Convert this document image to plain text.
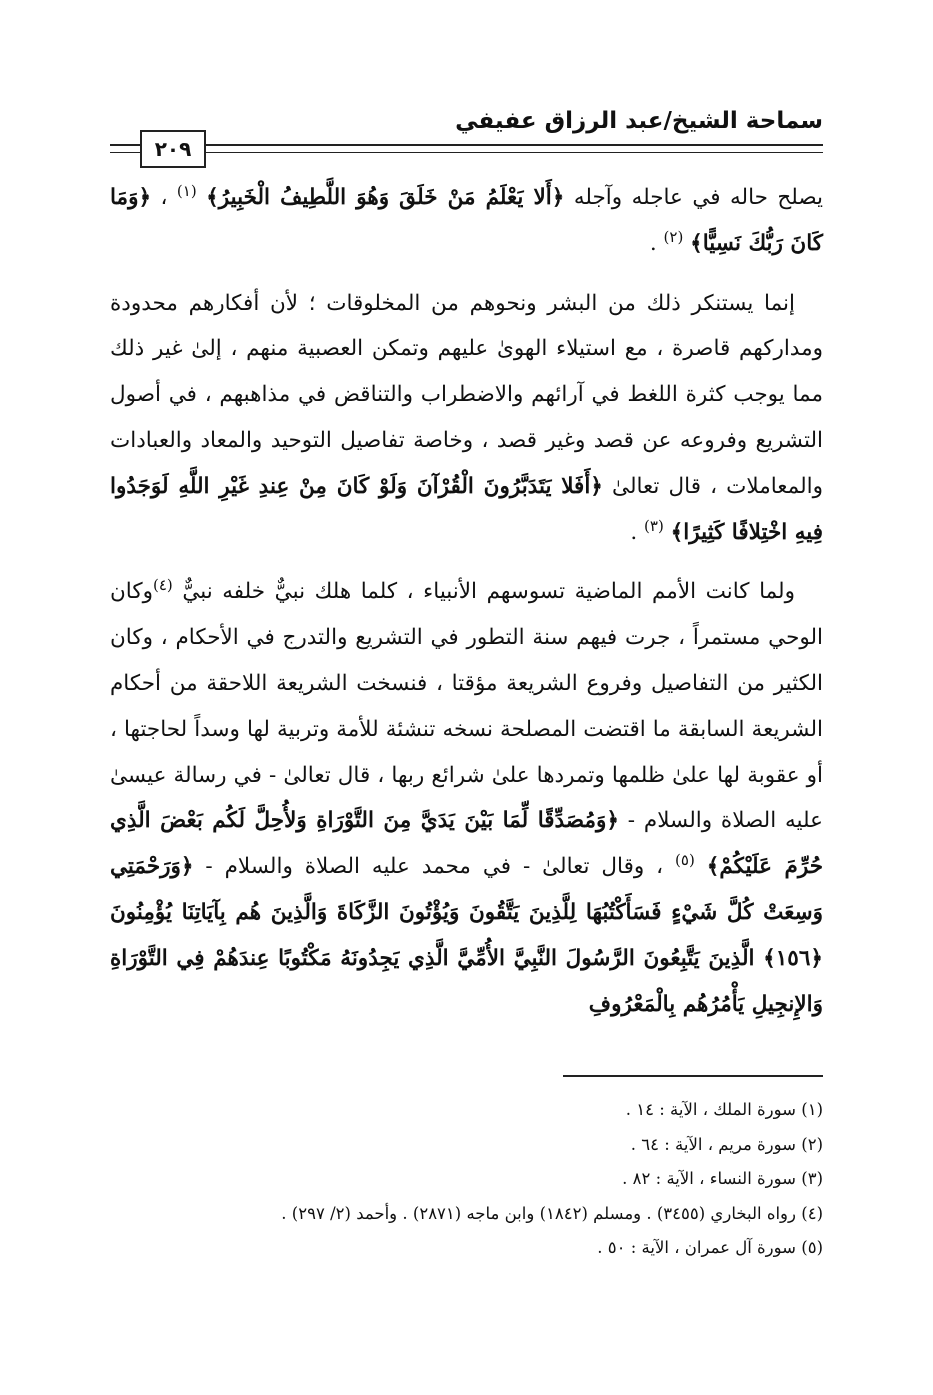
سماحة الشيخ/عبد الرزاق عفيفي
٢٠٩

يصلح حاله في عاجله وآجله ﴿أَلا يَعْلَمُ مَنْ خَلَقَ وَهُوَ اللَّطِيفُ الْخَبِيرُ﴾ $^{(١)}$ ، ﴿وَمَا كَانَ رَبُّكَ نَسِيًّا﴾ $^{(٢)}$ .

إنما يستنكر ذلك من البشر ونحوهم من المخلوقات ؛ لأن أفكارهم محدودة ومداركهم قاصرة ، مع استيلاء الهوىٰ عليهم وتمكن العصبية منهم ، إلىٰ غير ذلك مما يوجب كثرة اللغط في آرائهم والاضطراب والتناقض في مذاهبهم ، في أصول التشريع وفروعه عن قصد وغير قصد ، وخاصة تفاصيل التوحيد والمعاد والعبادات والمعاملات ، قال تعالىٰ ﴿أَفَلا يَتَدَبَّرُونَ الْقُرْآنَ وَلَوْ كَانَ مِنْ عِندِ غَيْرِ اللَّهِ لَوَجَدُوا فِيهِ اخْتِلافًا كَثِيرًا﴾ $^{(٣)}$ .

ولما كانت الأمم الماضية تسوسهم الأنبياء ، كلما هلك نبيٌّ خلفه نبيٌّ $^{(٤)}$وكان الوحي مستمراً ، جرت فيهم سنة التطور في التشريع والتدرج في الأحكام ، وكان الكثير من التفاصيل وفروع الشريعة مؤقتا ، فنسخت الشريعة اللاحقة من أحكام الشريعة السابقة ما اقتضت المصلحة نسخه تنشئة للأمة وتربية لها وسداً لحاجتها ، أو عقوبة لها علىٰ ظلمها وتمردها علىٰ شرائع ربها ، قال تعالىٰ - في رسالة عيسىٰ عليه الصلاة والسلام - ﴿وَمُصَدِّقًا لِّمَا بَيْنَ يَدَيَّ مِنَ التَّوْرَاةِ وَلأُحِلَّ لَكُم بَعْضَ الَّذِي حُرِّمَ عَلَيْكُمْ﴾ $^{(٥)}$ ، وقال تعالىٰ - في محمد عليه الصلاة والسلام - ﴿وَرَحْمَتِي وَسِعَتْ كُلَّ شَيْءٍ فَسَأَكْتُبُهَا لِلَّذِينَ يَتَّقُونَ وَيُؤْتُونَ الزَّكَاةَ وَالَّذِينَ هُم بِآيَاتِنَا يُؤْمِنُونَ ﴿١٥٦﴾ الَّذِينَ يَتَّبِعُونَ الرَّسُولَ النَّبِيَّ الأُمِّيَّ الَّذِي يَجِدُونَهُ مَكْتُوبًا عِندَهُمْ فِي التَّوْرَاةِ وَالإِنجِيلِ يَأْمُرُهُم بِالْمَعْرُوفِ

(١) سورة الملك ، الآية : ١٤ .
(٢) سورة مريم ، الآية : ٦٤ .
(٣) سورة النساء ، الآية : ٨٢ .
(٤) رواه البخاري (٣٤٥٥) . ومسلم (١٨٤٢) وابن ماجه (٢٨٧١) . وأحمد (٢/ ٢٩٧) .
(٥) سورة آل عمران ، الآية : ٥٠ .
